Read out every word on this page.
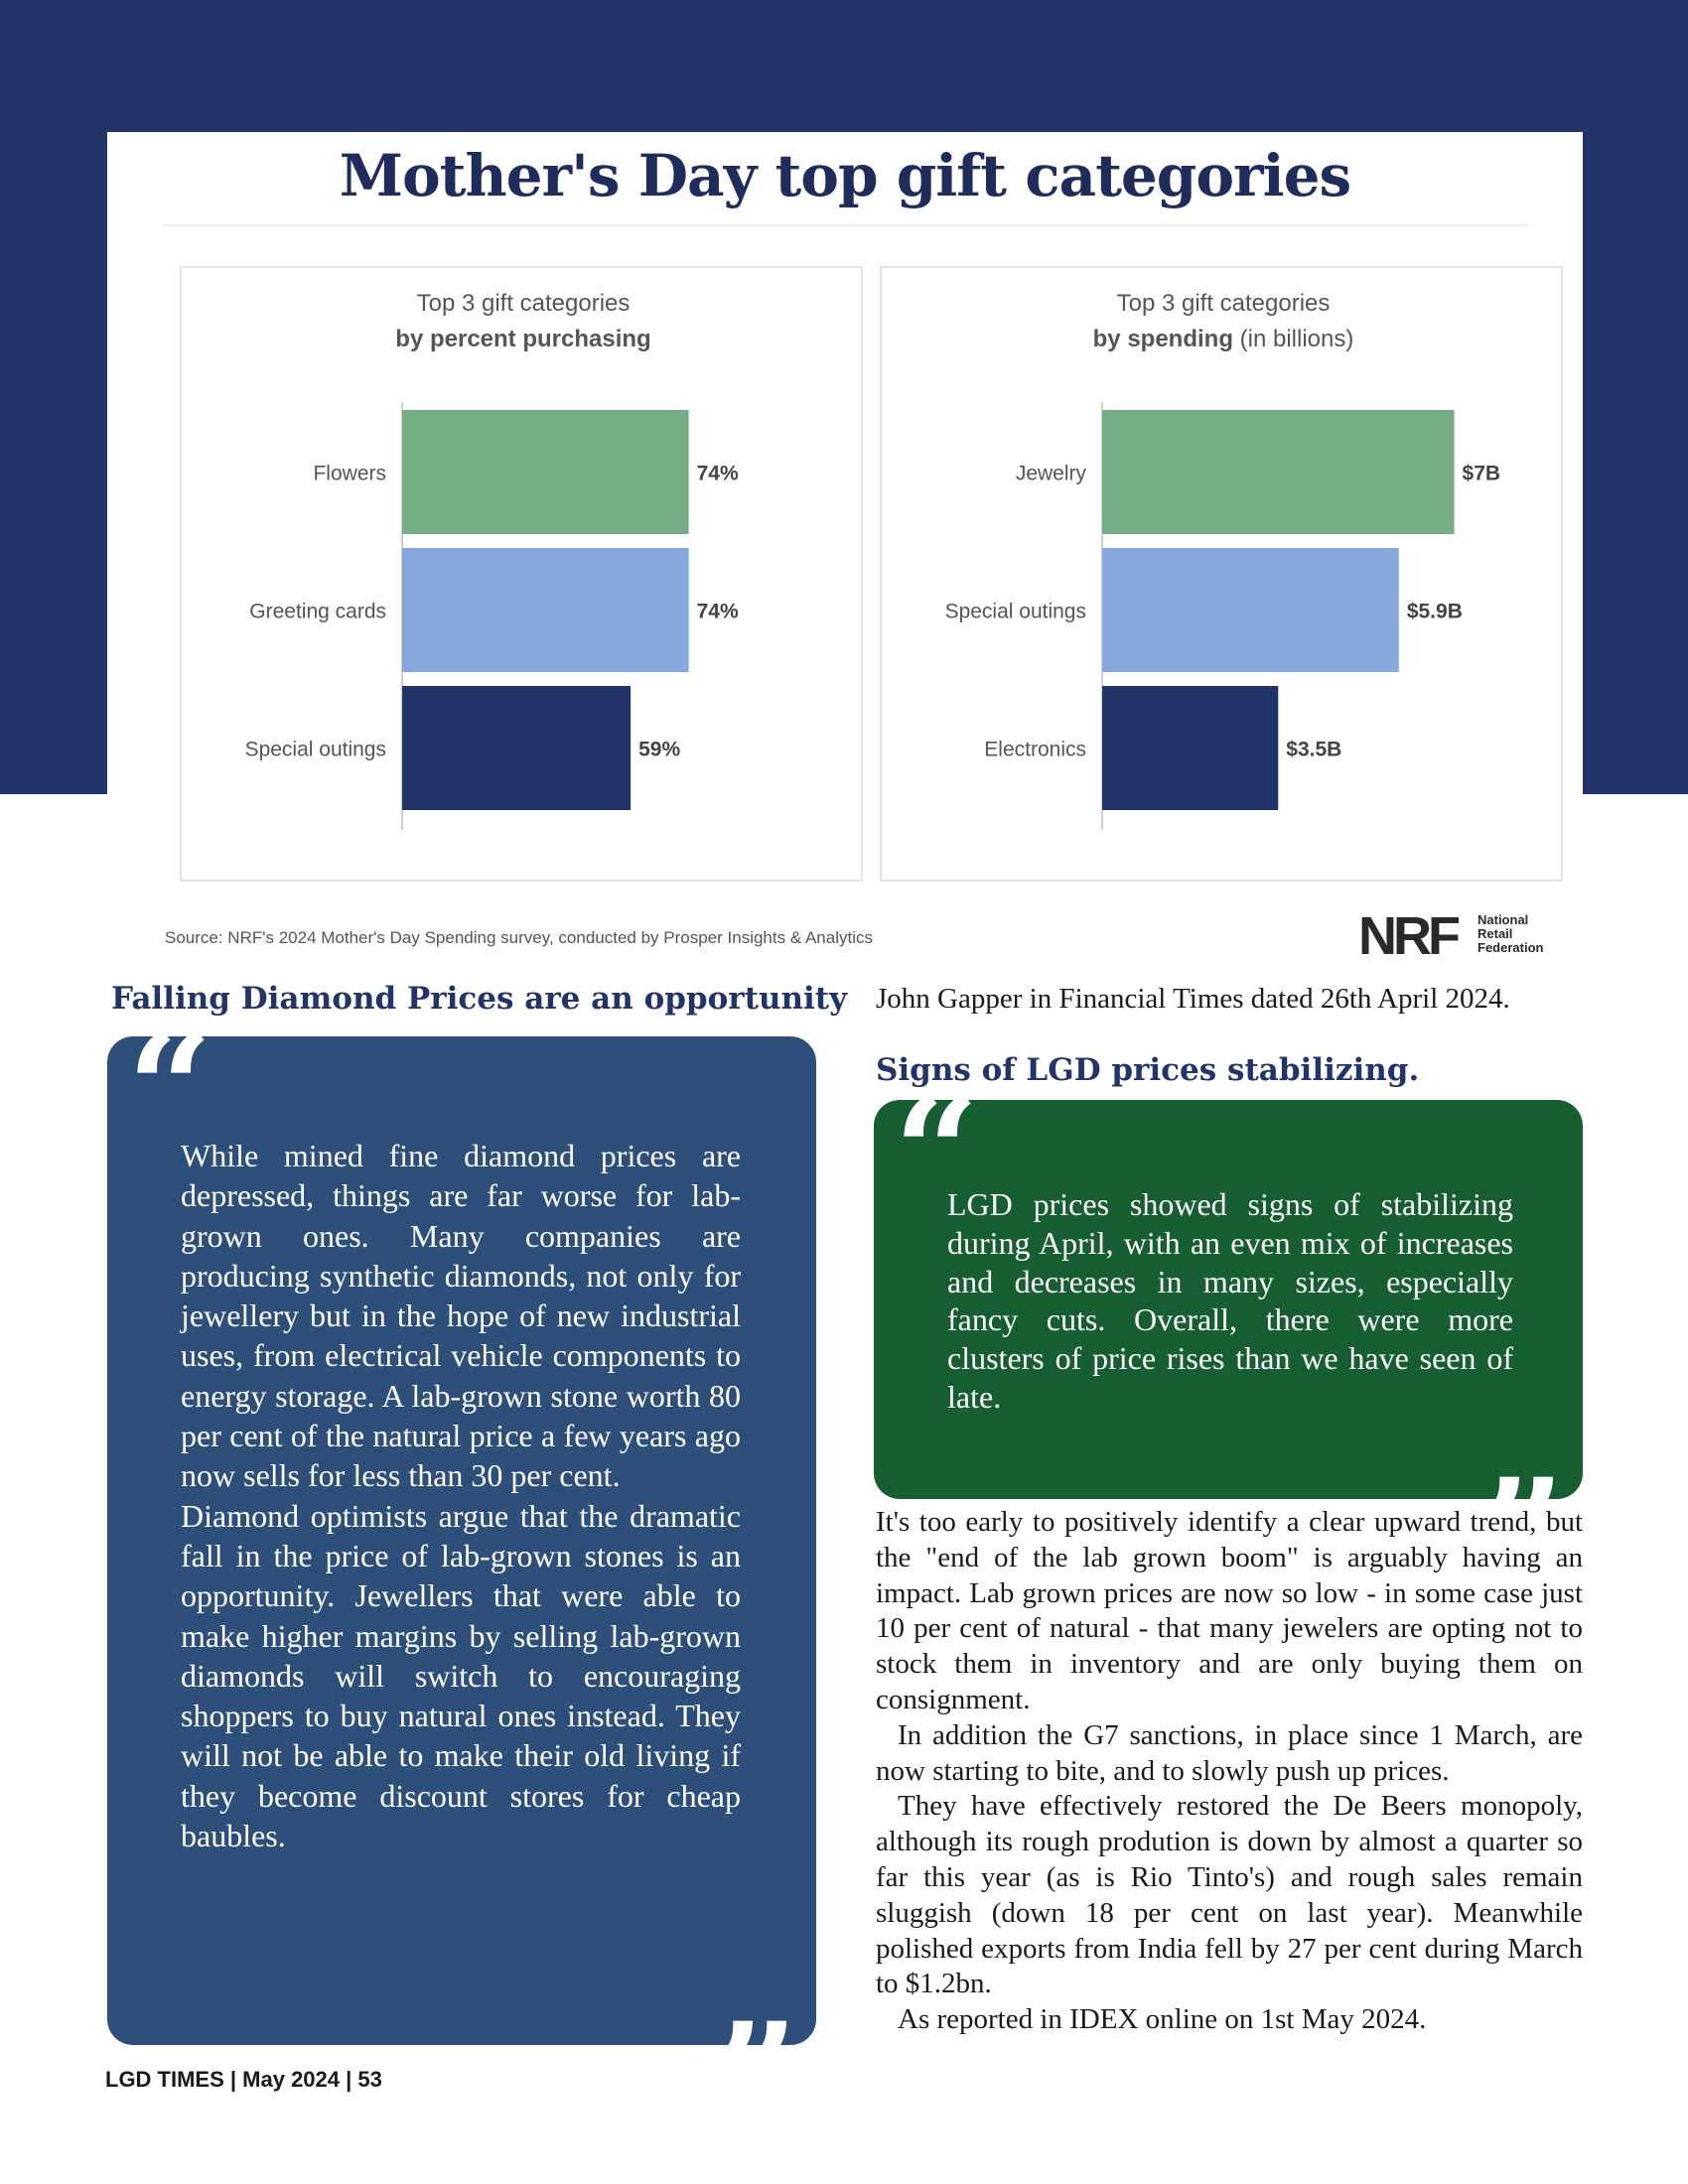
Mother's Day top gift categories
Top 3 gift categories
by percent purchasing
Flowers	74%
Greeting cards	74%
Special outings	59%
Top 3 gift categories
by spending (in billions)
Jewelry	$7B
Special outings	$5.9B
Electronics	$3.5B
Source: NRF's 2024 Mother's Day Spending survey, conducted by Prosper Insights & Analytics	NRF National
Retail
Federation
Falling Diamond Prices are an opportunity
“

While mined fine diamond prices are depressed, things are far worse for lab-grown ones. Many companies are producing synthetic diamonds, not only for jewellery but in the hope of new industrial uses, from electrical vehicle components to energy storage. A lab-grown stone worth 80 per cent of the natural price a few years ago now sells for less than 30 per cent.

Diamond optimists argue that the dramatic fall in the price of lab-grown stones is an opportunity. Jewellers that were able to make higher margins by selling lab-grown diamonds will switch to encouraging shoppers to buy natural ones instead. They will not be able to make their old living if they become discount stores for cheap baubles.

”
John Gapper in Financial Times dated 26th April 2024.
Signs of LGD prices stabilizing.
“
LGD prices showed signs of stabilizing during April, with an even mix of increases and decreases in many sizes, especially fancy cuts. Overall, there were more clusters of price rises than we have seen of late.
”

It's too early to positively identify a clear upward trend, but the "end of the lab grown boom" is arguably having an impact. Lab grown prices are now so low - in some case just 10 per cent of natural - that many jewelers are opting not to stock them in inventory and are only buying them on consignment.

In addition the G7 sanctions, in place since 1 March, are now starting to bite, and to slowly push up prices.

They have effectively restored the De Beers monopoly, although its rough prodution is down by almost a quarter so far this year (as is Rio Tinto's) and rough sales remain sluggish (down 18 per cent on last year). Meanwhile polished exports from India fell by 27 per cent during March to $1.2bn.

As reported in IDEX online on 1st May 2024.

LGD TIMES | May 2024 | 53
